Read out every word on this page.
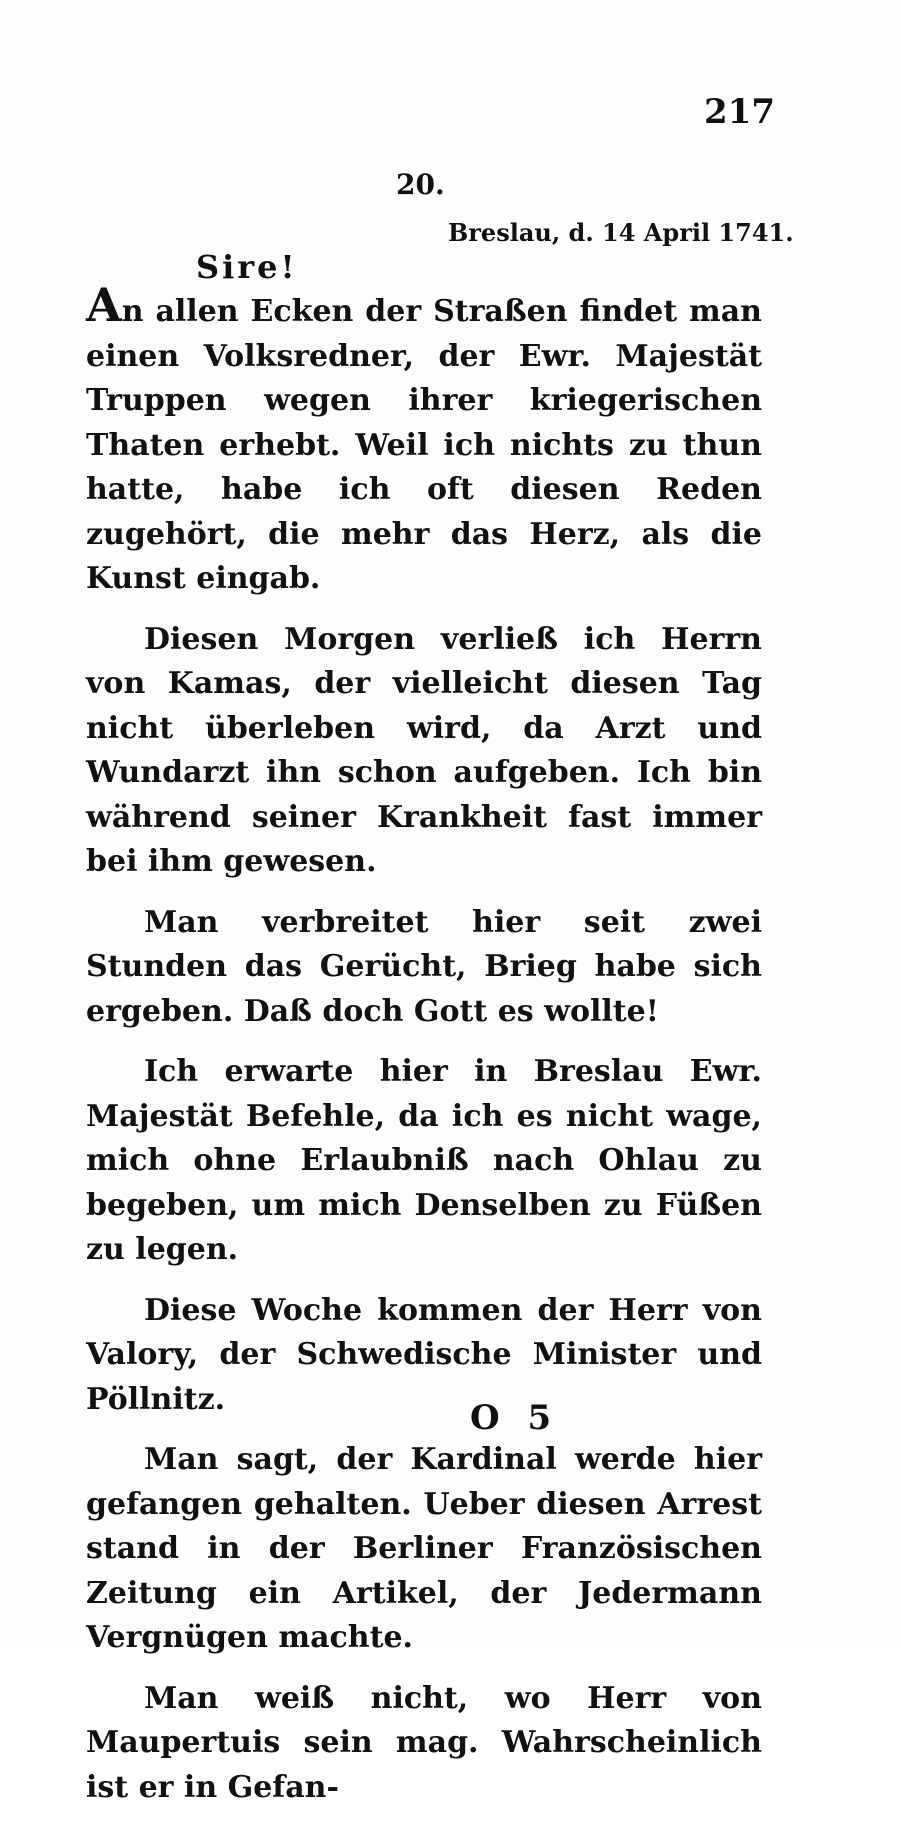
217
20.
Breslau, d. 14 April 1741.
Sire!

An allen Ecken der Straßen findet man einen Volksredner, der Ewr. Majestät Truppen wegen ihrer kriegerischen Thaten erhebt. Weil ich nichts zu thun hatte, habe ich oft diesen Reden zugehört, die mehr das Herz, als die Kunst eingab.

Diesen Morgen verließ ich Herrn von Kamas, der vielleicht diesen Tag nicht überleben wird, da Arzt und Wundarzt ihn schon aufgeben. Ich bin während seiner Krankheit fast immer bei ihm gewesen.

Man verbreitet hier seit zwei Stunden das Gerücht, Brieg habe sich ergeben. Daß doch Gott es wollte!

Ich erwarte hier in Breslau Ewr. Majestät Befehle, da ich es nicht wage, mich ohne Erlaubniß nach Ohlau zu begeben, um mich Denselben zu Füßen zu legen.

Diese Woche kommen der Herr von Valory, der Schwedische Minister und Pöllnitz.

Man sagt, der Kardinal werde hier gefangen gehalten. Ueber diesen Arrest stand in der Berliner Französischen Zeitung ein Artikel, der Jedermann Vergnügen machte.

Man weiß nicht, wo Herr von Maupertuis sein mag. Wahrscheinlich ist er in Gefan-

O 5
